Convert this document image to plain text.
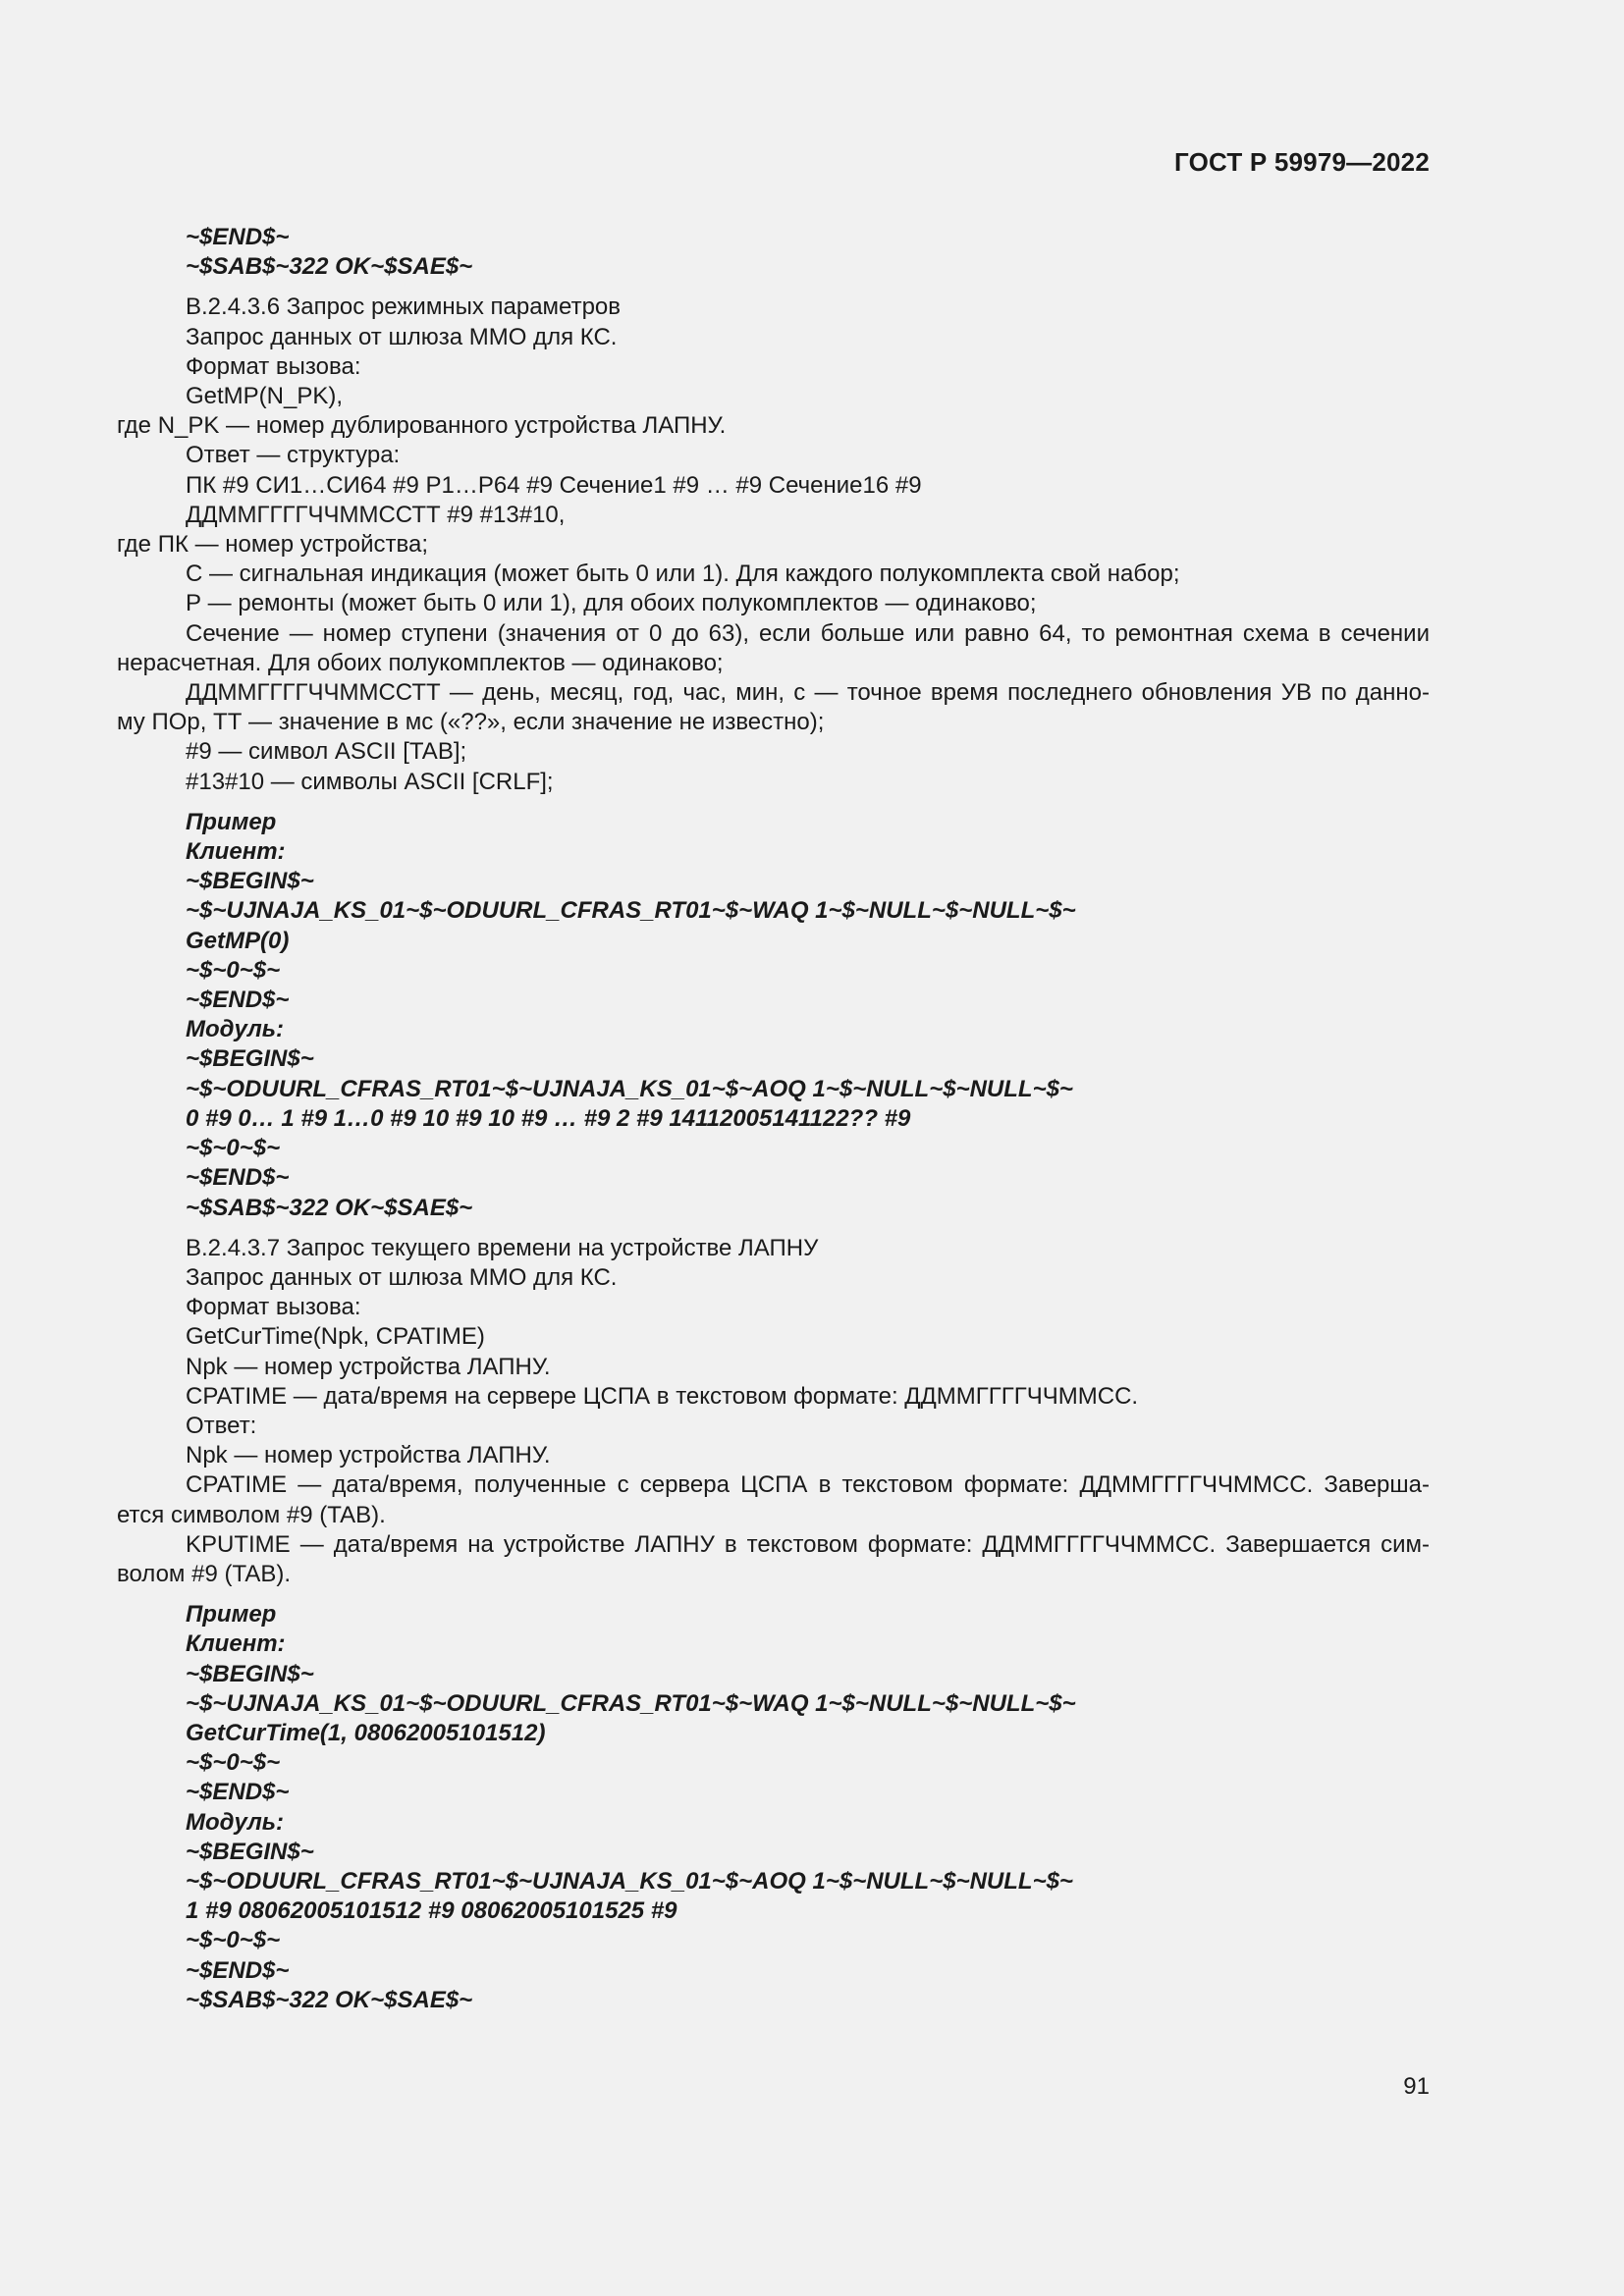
ГОСТ Р 59979—2022
~$END$~
~$SAB$~322 OK~$SAE$~
В.2.4.3.6 Запрос режимных параметров
Запрос данных от шлюза ММО для КС.
Формат вызова:
GetMP(N_PK),
где N_PK — номер дублированного устройства ЛАПНУ.
Ответ — структура:
ПК #9 СИ1…СИ64 #9 Р1…Р64 #9 Сечение1 #9 … #9 Сечение16 #9
ДДММГГГГЧЧММССТТ #9 #13#10,
где ПК — номер устройства;
С — сигнальная индикация (может быть 0 или 1). Для каждого полукомплекта свой набор;
Р — ремонты (может быть 0 или 1), для обоих полукомплектов — одинаково;
Сечение — номер ступени (значения от 0 до 63), если больше или равно 64, то ремонтная схема в сечении
нерасчетная. Для обоих полукомплектов — одинаково;
ДДММГГГГЧЧММССТТ — день, месяц, год, час, мин, с — точное время последнего обновления УВ по данно-
му ПОр, ТТ — значение в мс («??», если значение не известно);
#9 — символ ASCII [TAB];
#13#10 — символы ASCII [CRLF];
Пример
Клиент:
~$BEGIN$~
~$~UJNAJA_KS_01~$~ODUURL_CFRAS_RT01~$~WAQ 1~$~NULL~$~NULL~$~
GetMP(0)
~$~0~$~
~$END$~
Модуль:
~$BEGIN$~
~$~ODUURL_CFRAS_RT01~$~UJNAJA_KS_01~$~AOQ 1~$~NULL~$~NULL~$~
0 #9 0… 1 #9 1…0 #9 10 #9 10 #9 … #9 2 #9 14112005141122?? #9
~$~0~$~
~$END$~
~$SAB$~322 OK~$SAE$~
В.2.4.3.7 Запрос текущего времени на устройстве ЛАПНУ
Запрос данных от шлюза ММО для КС.
Формат вызова:
GetCurTime(Npk, CPATIME)
Npk — номер устройства ЛАПНУ.
CPATIME — дата/время на сервере ЦСПА в текстовом формате: ДДММГГГГЧЧММСС.
Ответ:
Npk — номер устройства ЛАПНУ.
CPATIME — дата/время, полученные с сервера ЦСПА в текстовом формате: ДДММГГГГЧЧММСС. Заверша-
ется символом #9 (TAB).
KPUTIME — дата/время на устройстве ЛАПНУ в текстовом формате: ДДММГГГГЧЧММСС. Завершается сим-
волом #9 (TAB).
Пример
Клиент:
~$BEGIN$~
~$~UJNAJA_KS_01~$~ODUURL_CFRAS_RT01~$~WAQ 1~$~NULL~$~NULL~$~
GetCurTime(1, 08062005101512)
~$~0~$~
~$END$~
Модуль:
~$BEGIN$~
~$~ODUURL_CFRAS_RT01~$~UJNAJA_KS_01~$~AOQ 1~$~NULL~$~NULL~$~
1 #9 08062005101512 #9 08062005101525 #9
~$~0~$~
~$END$~
~$SAB$~322 OK~$SAE$~
91
